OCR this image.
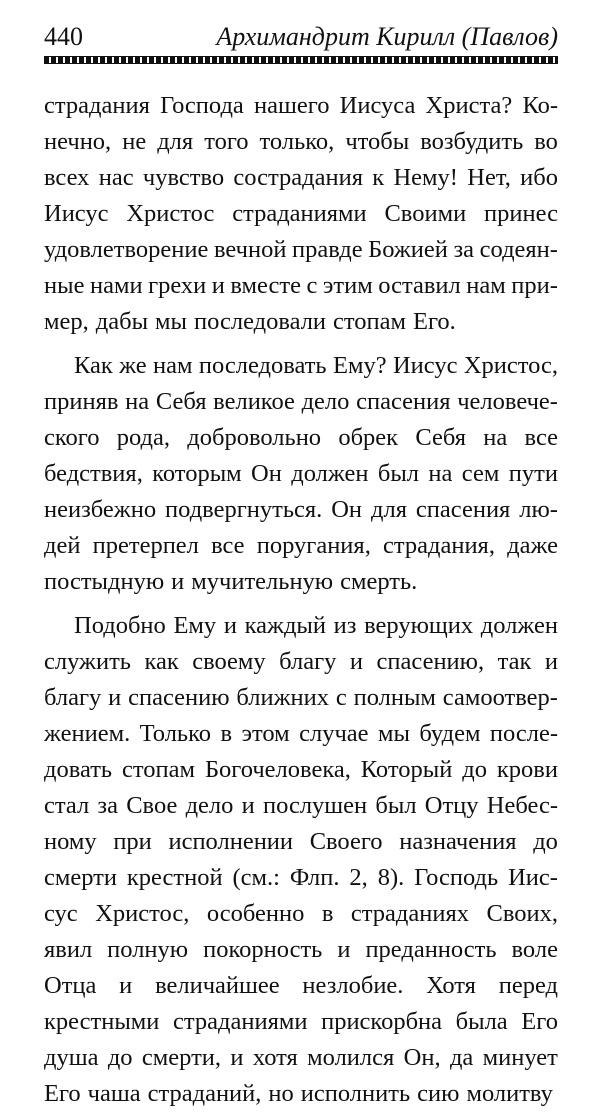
440	Архимандрит Кирилл (Павлов)
страдания Господа нашего Иисуса Христа? Ко-
нечно, не для того только, чтобы возбудить во
всех нас чувство сострадания к Нему! Нет, ибо
Иисус Христос страданиями Своими принес
удовлетворение вечной правде Божией за содеян-
ные нами грехи и вместе с этим оставил нам при-
мер, дабы мы последовали стопам Его.
Как же нам последовать Ему? Иисус Христос,
приняв на Себя великое дело спасения человече-
ского рода, добровольно обрек Себя на все
бедствия, которым Он должен был на сем пути
неизбежно подвергнуться. Он для спасения лю-
дей претерпел все поругания, страдания, даже
постыдную и мучительную смерть.
Подобно Ему и каждый из верующих должен
служить как своему благу и спасению, так и
благу и спасению ближних с полным самоотвер-
жением. Только в этом случае мы будем после-
довать стопам Богочеловека, Который до крови
стал за Свое дело и послушен был Отцу Небес-
ному при исполнении Своего назначения до
смерти крестной (см.: Флп. 2, 8). Господь Иис-
сус Христос, особенно в страданиях Своих,
явил полную покорность и преданность воле
Отца и величайшее незлобие. Хотя перед
крестными страданиями прискорбна была Его
душа до смерти, и хотя молился Он, да минует
Его чаша страданий, но исполнить сию молитву
